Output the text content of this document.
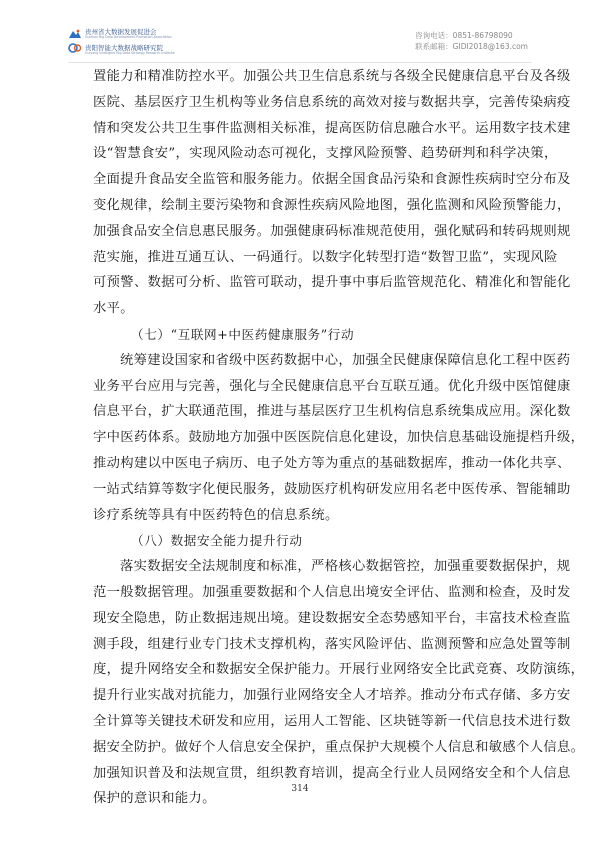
贵州省大数据发展促进会
Guizhou Big Data Development Promotion Association
贵阳智能大数据战略研究院
Guiyang Intelligent Big Data Strategy Research Institute
咨询电话：0851-86798090
联系邮箱：GIDI2018@163.com
置能力和精准防控水平。加强公共卫生信息系统与各级全民健康信息平台及各级
医院、基层医疗卫生机构等业务信息系统的高效对接与数据共享，完善传染病疫
情和突发公共卫生事件监测相关标准，提高医防信息融合水平。运用数字技术建
设“智慧食安”，实现风险动态可视化，支撑风险预警、趋势研判和科学决策，
全面提升食品安全监管和服务能力。依据全国食品污染和食源性疾病时空分布及
变化规律，绘制主要污染物和食源性疾病风险地图，强化监测和风险预警能力，
加强食品安全信息惠民服务。加强健康码标准规范使用，强化赋码和转码规则规
范实施，推进互通互认、一码通行。以数字化转型打造“数智卫监”，实现风险
可预警、数据可分析、监管可联动，提升事中事后监管规范化、精准化和智能化
水平。
（七）“互联网+中医药健康服务”行动
统筹建设国家和省级中医药数据中心，加强全民健康保障信息化工程中医药
业务平台应用与完善，强化与全民健康信息平台互联互通。优化升级中医馆健康
信息平台，扩大联通范围，推进与基层医疗卫生机构信息系统集成应用。深化数
字中医药体系。鼓励地方加强中医医院信息化建设，加快信息基础设施提档升级，
推动构建以中医电子病历、电子处方等为重点的基础数据库，推动一体化共享、
一站式结算等数字化便民服务，鼓励医疗机构研发应用名老中医传承、智能辅助
诊疗系统等具有中医药特色的信息系统。
（八）数据安全能力提升行动
落实数据安全法规制度和标准，严格核心数据管控，加强重要数据保护，规
范一般数据管理。加强重要数据和个人信息出境安全评估、监测和检查，及时发
现安全隐患，防止数据违规出境。建设数据安全态势感知平台，丰富技术检查监
测手段，组建行业专门技术支撑机构，落实风险评估、监测预警和应急处置等制
度，提升网络安全和数据安全保护能力。开展行业网络安全比武竞赛、攻防演练，
提升行业实战对抗能力，加强行业网络安全人才培养。推动分布式存储、多方安
全计算等关键技术研发和应用，运用人工智能、区块链等新一代信息技术进行数
据安全防护。做好个人信息安全保护，重点保护大规模个人信息和敏感个人信息。
加强知识普及和法规宣贯，组织教育培训，提高全行业人员网络安全和个人信息
保护的意识和能力。
314
